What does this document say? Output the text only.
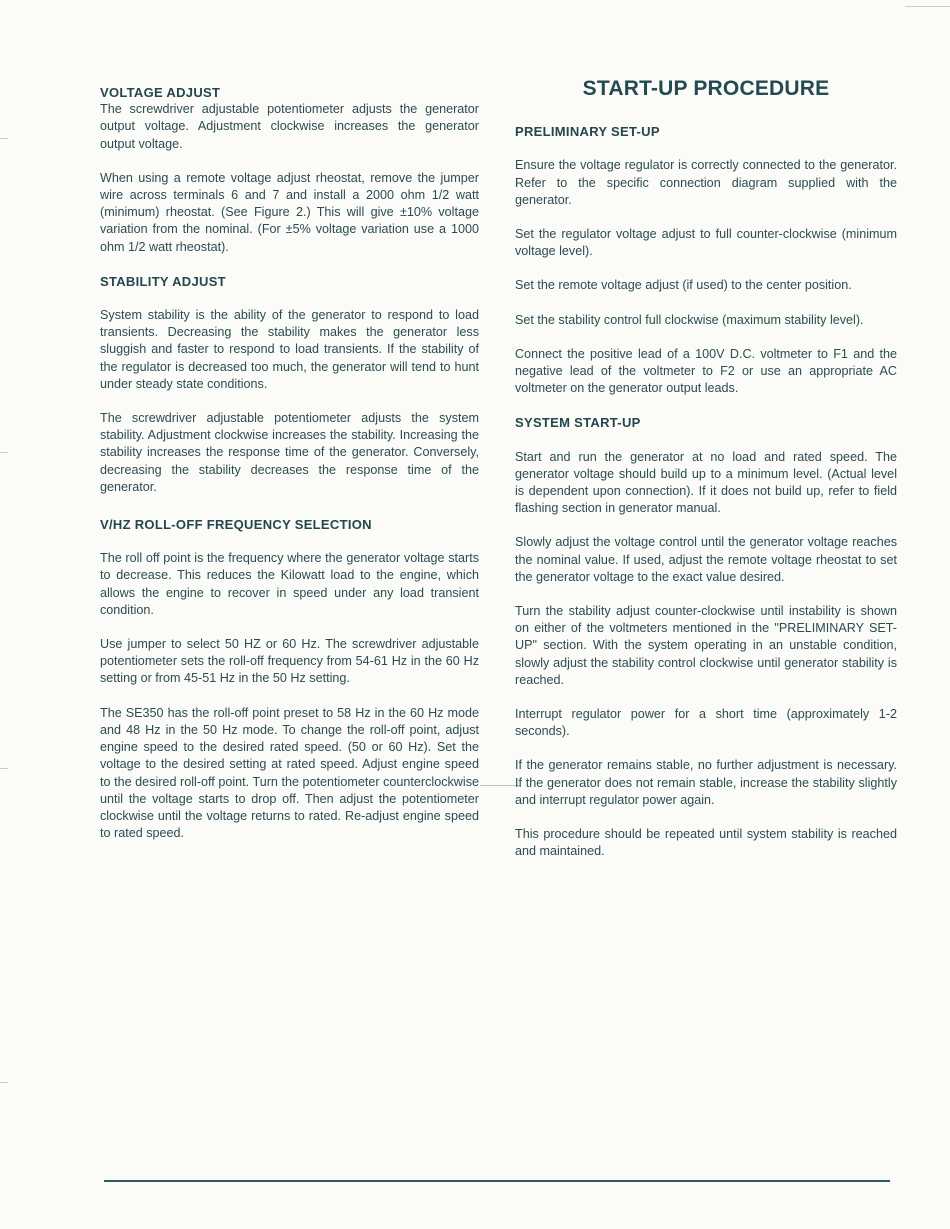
VOLTAGE ADJUST

The screwdriver adjustable potentiometer adjusts the generator output voltage. Adjustment clockwise increases the generator output voltage.

When using a remote voltage adjust rheostat, remove the jumper wire across terminals 6 and 7 and install a 2000 ohm 1/2 watt (minimum) rheostat. (See Figure 2.) This will give ±10% voltage variation from the nominal. (For ±5% voltage variation use a 1000 ohm 1/2 watt rheostat).

STABILITY ADJUST

System stability is the ability of the generator to respond to load transients. Decreasing the stability makes the generator less sluggish and faster to respond to load transients. If the stability of the regulator is decreased too much, the generator will tend to hunt under steady state conditions.

The screwdriver adjustable potentiometer adjusts the system stability. Adjustment clockwise increases the stability. Increasing the stability increases the response time of the generator. Conversely, decreasing the stability decreases the response time of the generator.

V/HZ ROLL-OFF FREQUENCY SELECTION

The roll off point is the frequency where the generator voltage starts to decrease. This reduces the Kilowatt load to the engine, which allows the engine to recover in speed under any load transient condition.

Use jumper to select 50 HZ or 60 Hz. The screwdriver adjustable potentiometer sets the roll-off frequency from 54-61 Hz in the 60 Hz setting or from 45-51 Hz in the 50 Hz setting.

The SE350 has the roll-off point preset to 58 Hz in the 60 Hz mode and 48 Hz in the 50 Hz mode. To change the roll-off point, adjust engine speed to the desired rated speed. (50 or 60 Hz). Set the voltage to the desired setting at rated speed. Adjust engine speed to the desired roll-off point. Turn the potentiometer counterclockwise until the voltage starts to drop off. Then adjust the potentiometer clockwise until the voltage returns to rated. Re-adjust engine speed to rated speed.

START-UP PROCEDURE
PRELIMINARY SET-UP

Ensure the voltage regulator is correctly connected to the generator. Refer to the specific connection diagram supplied with the generator.

Set the regulator voltage adjust to full counter-clockwise (minimum voltage level).

Set the remote voltage adjust (if used) to the center position.

Set the stability control full clockwise (maximum stability level).

Connect the positive lead of a 100V D.C. voltmeter to F1 and the negative lead of the voltmeter to F2 or use an appropriate AC voltmeter on the generator output leads.

SYSTEM START-UP

Start and run the generator at no load and rated speed. The generator voltage should build up to a minimum level. (Actual level is dependent upon connection). If it does not build up, refer to field flashing section in generator manual.

Slowly adjust the voltage control until the generator voltage reaches the nominal value. If used, adjust the remote voltage rheostat to set the generator voltage to the exact value desired.

Turn the stability adjust counter-clockwise until instability is shown on either of the voltmeters mentioned in the "PRELIMINARY SET-UP" section. With the system operating in an unstable condition, slowly adjust the stability control clockwise until generator stability is reached.

Interrupt regulator power for a short time (approximately 1-2 seconds).

If the generator remains stable, no further adjustment is necessary. If the generator does not remain stable, increase the stability slightly and interrupt regulator power again.

This procedure should be repeated until system stability is reached and maintained.
